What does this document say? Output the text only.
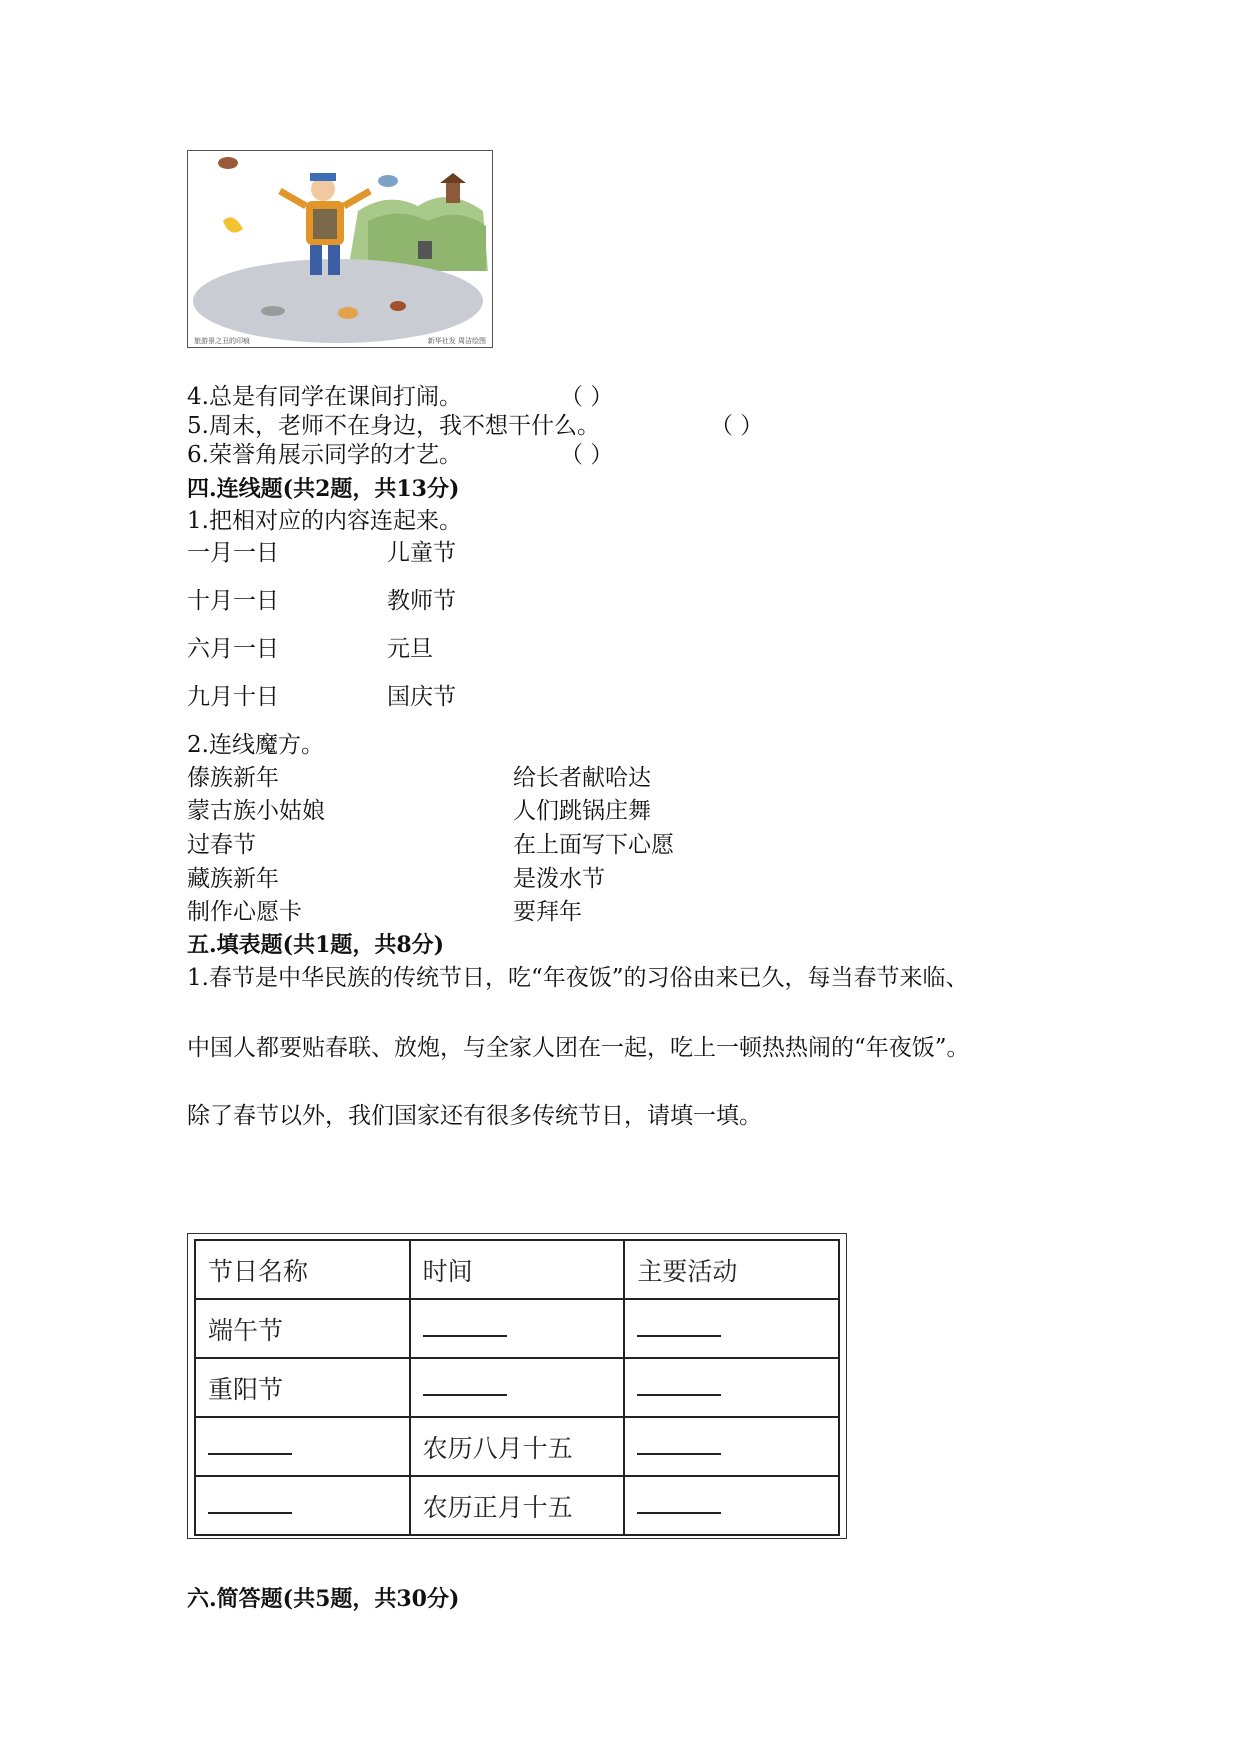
旅游景之丑的印痕	新华社发 周洁绘图
4.总是有同学在课间打闹。	（ ）
5.周末，老师不在身边，我不想干什么。	（ ）
6.荣誉角展示同学的才艺。	（ ）
四.连线题(共2题，共13分)
1.把相对应的内容连起来。
一月一日	儿童节
十月一日	教师节
六月一日	元旦
九月十日	国庆节
2.连线魔方。
傣族新年	给长者献哈达
蒙古族小姑娘	人们跳锅庄舞
过春节	在上面写下心愿
藏族新年	是泼水节
制作心愿卡	要拜年
五.填表题(共1题，共8分)
1.春节是中华民族的传统节日，吃“年夜饭”的习俗由来已久，每当春节来临、
中国人都要贴春联、放炮，与全家人团在一起，吃上一顿热热闹的“年夜饭”。
除了春节以外，我们国家还有很多传统节日，请填一填。
节日名称	时间	主要活动
端午节		
重阳节		
	农历八月十五	
	农历正月十五	
六.简答题(共5题，共30分)
